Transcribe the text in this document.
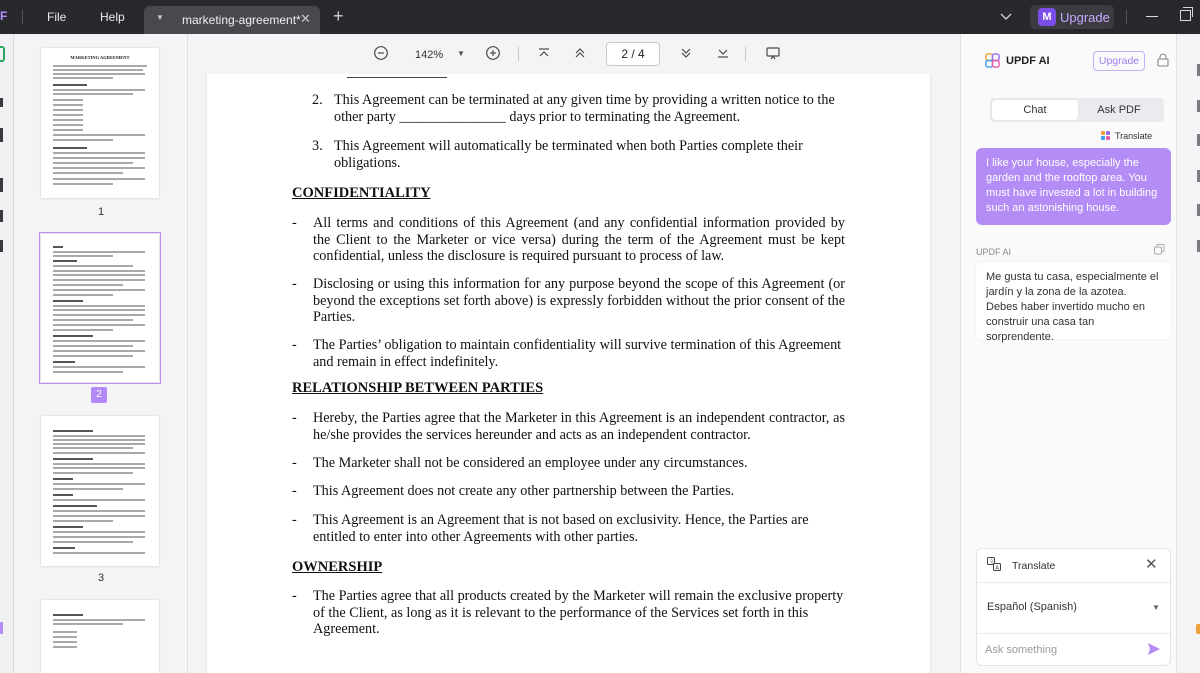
F	File	Help	▼ marketing-agreement* ✕ +	M Upgrade
MARKETING AGREEMENT
1
2
3
142% ▼	2 / 4
2. This Agreement can be terminated at any given time by providing a written notice to the other party _______________ days prior to terminating the Agreement.
3. This Agreement will automatically be terminated when both Parties complete their obligations.
CONFIDENTIALITY
- All terms and conditions of this Agreement (and any confidential information provided by the Client to the Marketer or vice versa) during the term of the Agreement must be kept confidential, unless the disclosure is required pursuant to process of law.
- Disclosing or using this information for any purpose beyond the scope of this Agreement (or beyond the exceptions set forth above) is expressly forbidden without the prior consent of the Parties.
- The Parties’ obligation to maintain confidentiality will survive termination of this Agreement and remain in effect indefinitely.
RELATIONSHIP BETWEEN PARTIES
- Hereby, the Parties agree that the Marketer in this Agreement is an independent contractor, as he/she provides the services hereunder and acts as an independent contractor.
- The Marketer shall not be considered an employee under any circumstances.
- This Agreement does not create any other partnership between the Parties.
- This Agreement is an Agreement that is not based on exclusivity. Hence, the Parties are entitled to enter into other Agreements with other parties.
OWNERSHIP
- The Parties agree that all products created by the Marketer will remain the exclusive property of the Client, as long as it is relevant to the performance of the Services set forth in this Agreement.
UPDF AI	Upgrade
Chat	Ask PDF
Translate
I like your house, especially the garden and the rooftop area. You must have invested a lot in building such an astonishing house.
UPDF AI
Me gusta tu casa, especialmente el jardín y la zona de la azotea. Debes haber invertido mucho en construir una casa tan sorprendente.
文
A Translate	✕
Español (Spanish)	▼
Ask something
